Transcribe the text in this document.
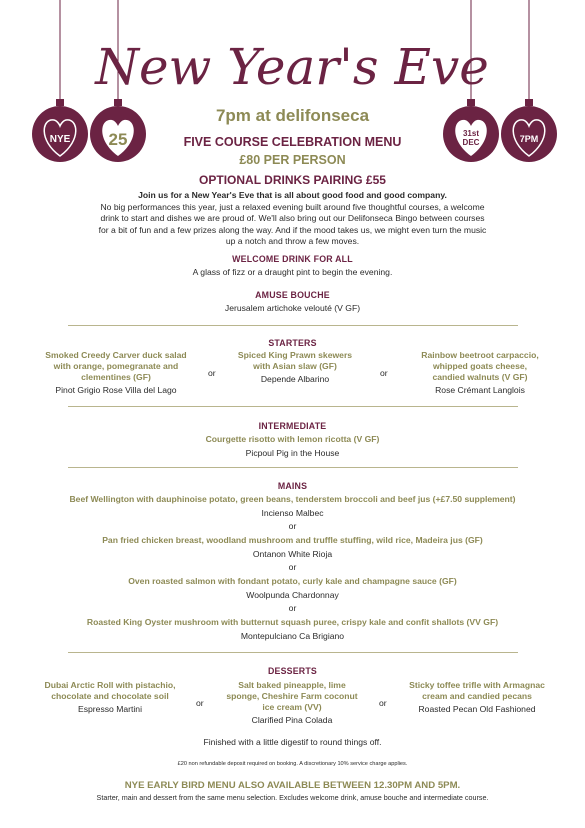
New Year's Eve
NYE 25	31st
DEC	7PM
7pm at delifonseca
FIVE COURSE CELEBRATION MENU
£80 PER PERSON
OPTIONAL DRINKS PAIRING £55
Join us for a New Year's Eve that is all about good food and good company.
No big performances this year, just a relaxed evening built around five thoughtful courses, a welcome
drink to start and dishes we are proud of. We'll also bring out our Delifonseca Bingo between courses
for a bit of fun and a few prizes along the way. And if the mood takes us, we might even turn the music
up a notch and throw a few moves.
WELCOME DRINK FOR ALL
A glass of fizz or a draught pint to begin the evening.
AMUSE BOUCHE
Jerusalem artichoke velouté (V GF)
STARTERS
Smoked Creedy Carver duck salad
with orange, pomegranate and
clementines (GF)
Pinot Grigio Rose Villa del Lago
or
Spiced King Prawn skewers
with Asian slaw (GF)
Depende Albarino
or
Rainbow beetroot carpaccio,
whipped goats cheese,
candied walnuts (V GF)
Rose Crémant Langlois
INTERMEDIATE
Courgette risotto with lemon ricotta (V GF)
Picpoul Pig in the House
MAINS
Beef Wellington with dauphinoise potato, green beans, tenderstem broccoli and beef jus (+£7.50 supplement)
Incienso Malbec
or
Pan fried chicken breast, woodland mushroom and truffle stuffing, wild rice, Madeira jus (GF)
Ontanon White Rioja
or
Oven roasted salmon with fondant potato, curly kale and champagne sauce (GF)
Woolpunda Chardonnay
or
Roasted King Oyster mushroom with butternut squash puree, crispy kale and confit shallots (VV GF)
Montepulciano Ca Brigiano
DESSERTS
Dubai Arctic Roll with pistachio,
chocolate and chocolate soil
Espresso Martini
or
Salt baked pineapple, lime
sponge, Cheshire Farm coconut
ice cream (VV)
Clarified Pina Colada
or
Sticky toffee trifle with Armagnac
cream and candied pecans
Roasted Pecan Old Fashioned
Finished with a little digestif to round things off.
£20 non refundable deposit required on booking. A discretionary 10% service charge applies.
NYE EARLY BIRD MENU ALSO AVAILABLE BETWEEN 12.30PM AND 5PM.
Starter, main and dessert from the same menu selection. Excludes welcome drink, amuse bouche and intermediate course.
